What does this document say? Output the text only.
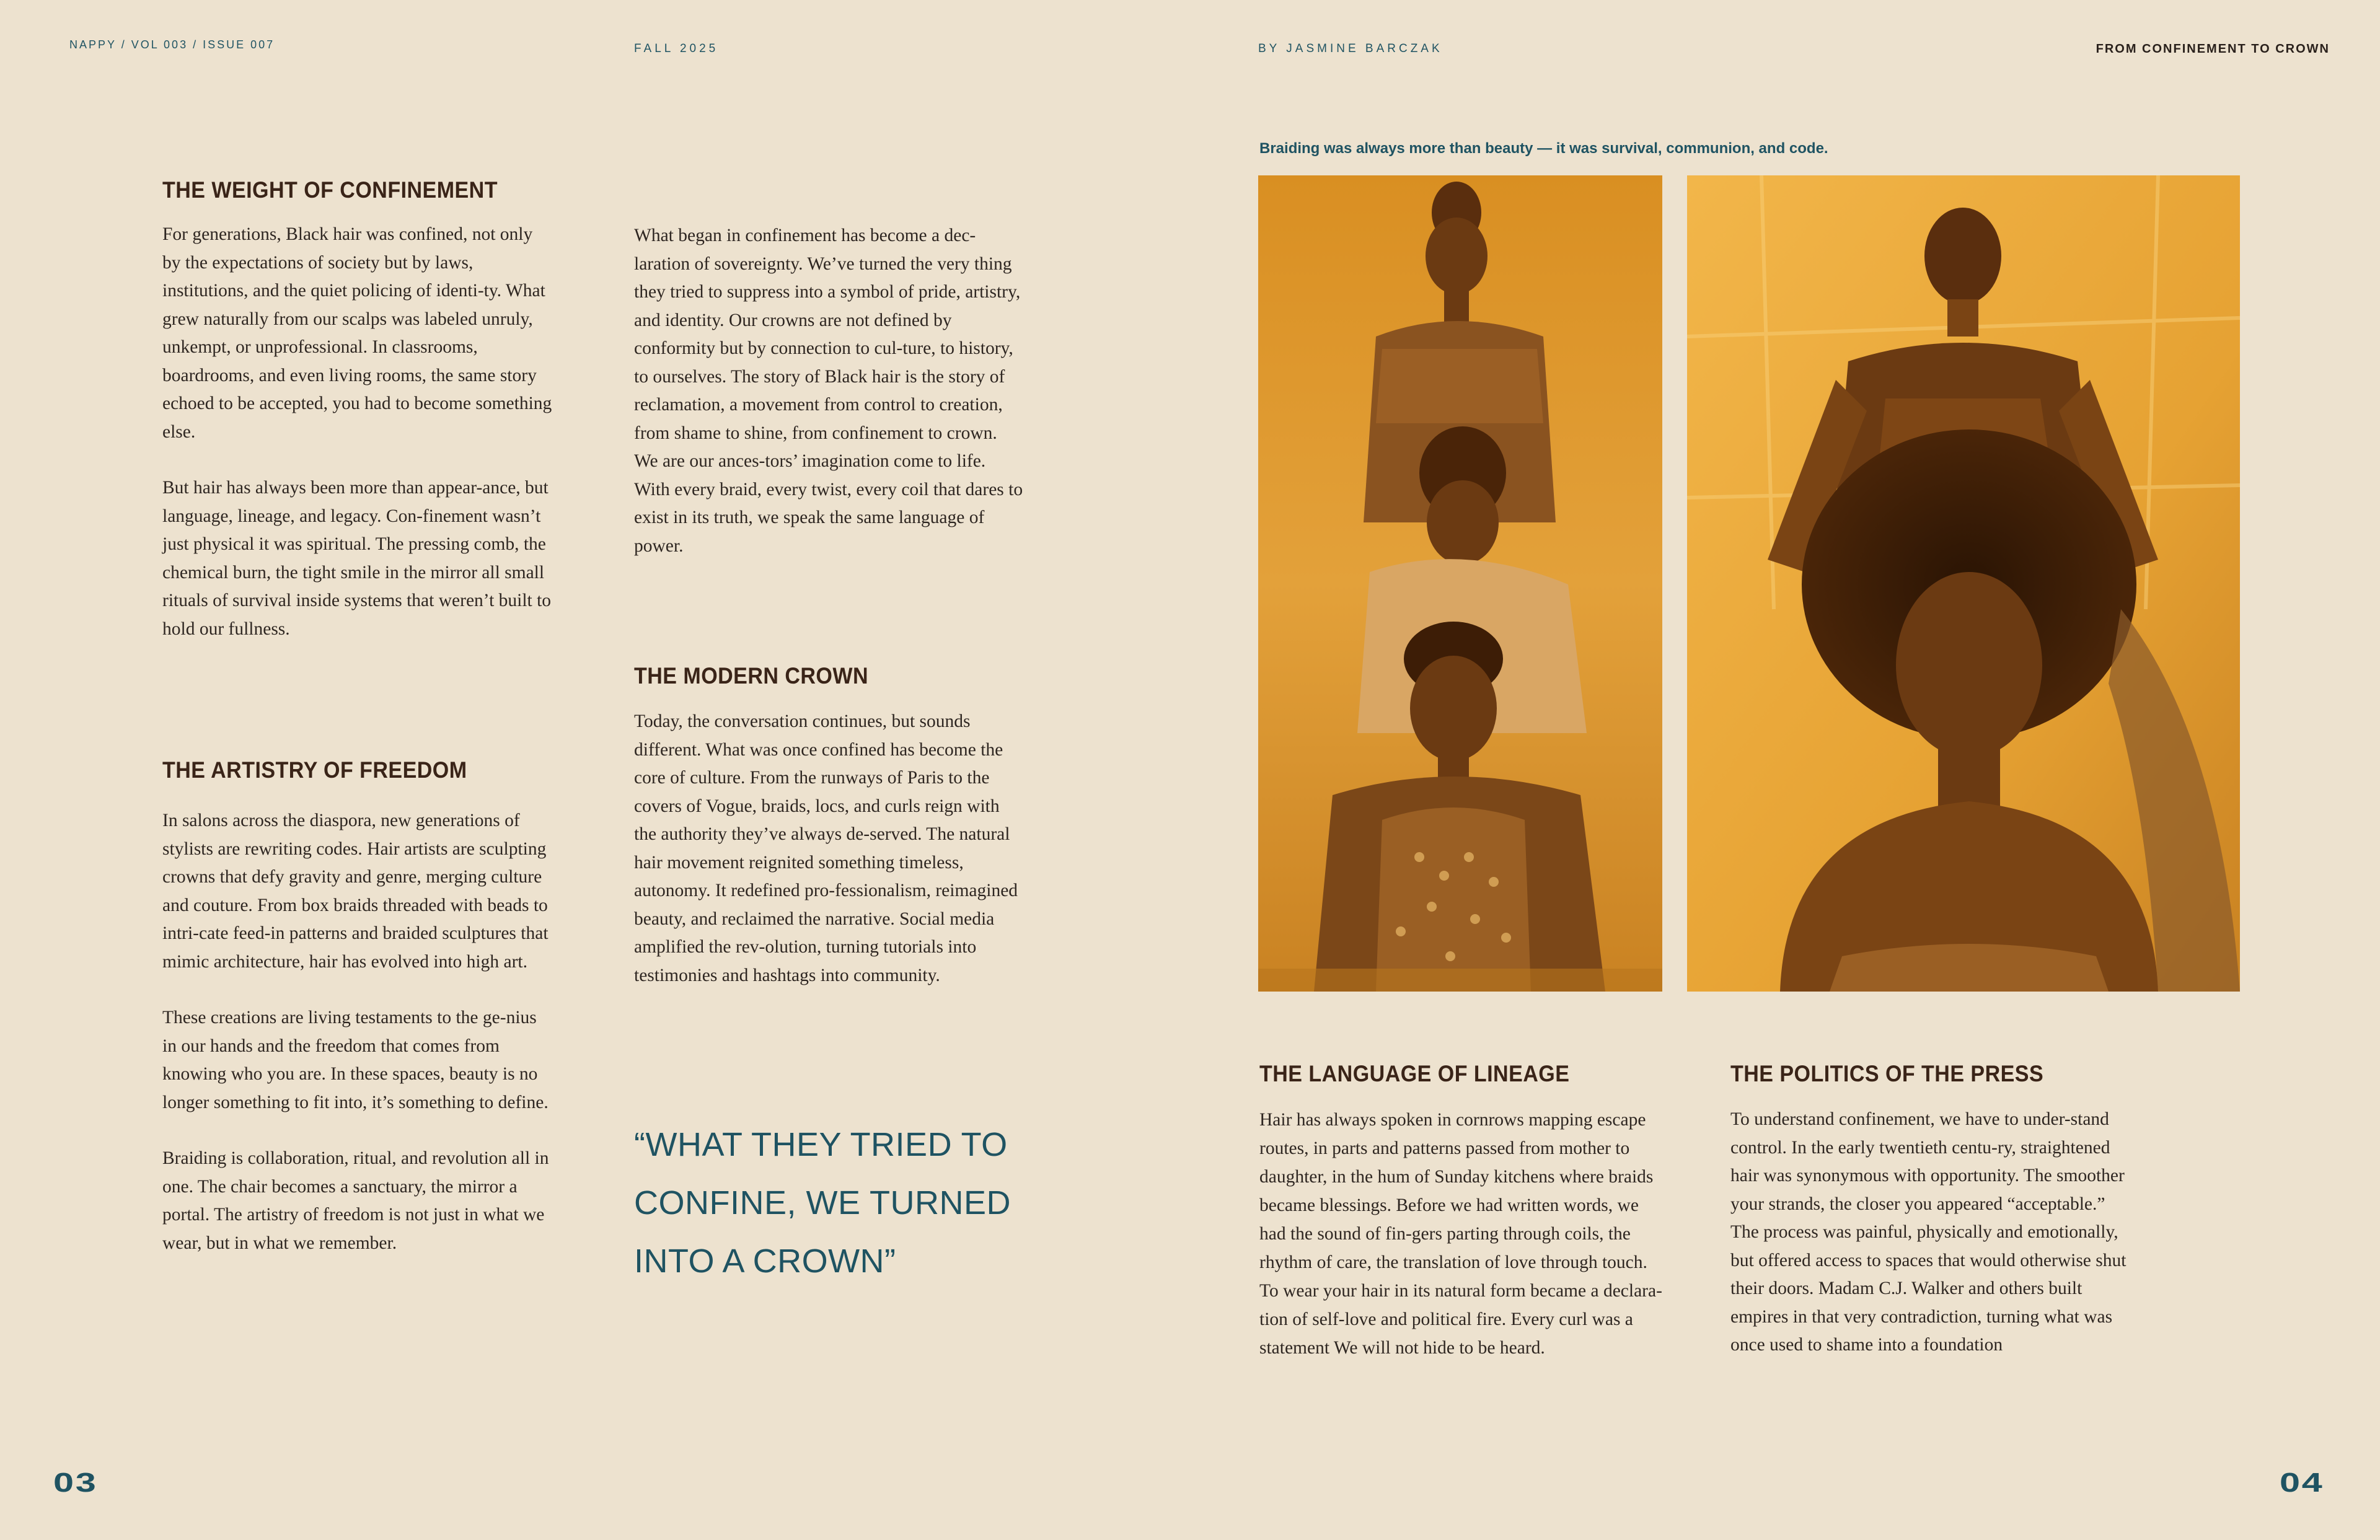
NAPPY / VOL 003 / ISSUE 007	FALL 2025	BY JASMINE BARCZAK	FROM CONFINEMENT TO CROWN
THE WEIGHT OF CONFINEMENT

For generations, Black hair was confined, not only by the expectations of society but by laws, institutions, and the quiet policing of identi-ty. What grew naturally from our scalps was labeled unruly, unkempt, or unprofessional. In classrooms, boardrooms, and even living rooms, the same story echoed to be accepted, you had to become something else.

But hair has always been more than appear-ance, but language, lineage, and legacy. Con-finement wasn’t just physical it was spiritual. The pressing comb, the chemical burn, the tight smile in the mirror all small rituals of survival inside systems that weren’t built to hold our fullness.

THE ARTISTRY OF FREEDOM

In salons across the diaspora, new generations of stylists are rewriting codes. Hair artists are sculpting crowns that defy gravity and genre, merging culture and couture. From box braids threaded with beads to intri-cate feed-in patterns and braided sculptures that mimic architecture, hair has evolved into high art.

These creations are living testaments to the ge-nius in our hands and the freedom that comes from knowing who you are. In these spaces, beauty is no longer something to fit into, it’s something to define.

Braiding is collaboration, ritual, and revolution all in one. The chair becomes a sanctuary, the mirror a portal. The artistry of freedom is not just in what we wear, but in what we remember.

What began in confinement has become a dec-laration of sovereignty. We’ve turned the very thing they tried to suppress into a symbol of pride, artistry, and identity. Our crowns are not defined by conformity but by connection to cul-ture, to history, to ourselves. The story of Black hair is the story of reclamation, a movement from control to creation, from shame to shine, from confinement to crown. We are our ances-tors’ imagination come to life. With every braid, every twist, every coil that dares to exist in its truth, we speak the same language of power.

THE MODERN CROWN

Today, the conversation continues, but sounds different. What was once confined has become the core of culture. From the runways of Paris to the covers of Vogue, braids, locs, and curls reign with the authority they’ve always de-served. The natural hair movement reignited something timeless, autonomy. It redefined pro-fessionalism, reimagined beauty, and reclaimed the narrative. Social media amplified the rev-olution, turning tutorials into testimonies and hashtags into community.

“WHAT THEY TRIED TO CONFINE, WE TURNED INTO A CROWN”
03
Braiding was always more than beauty — it was survival, communion, and code.
THE LANGUAGE OF LINEAGE

Hair has always spoken in cornrows mapping escape routes, in parts and patterns passed from mother to daughter, in the hum of Sunday kitchens where braids became blessings. Before we had written words, we had the sound of fin-gers parting through coils, the rhythm of care, the translation of love through touch. To wear your hair in its natural form became a declara-tion of self-love and political fire. Every curl was a statement We will not hide to be heard.

THE POLITICS OF THE PRESS

To understand confinement, we have to under-stand control. In the early twentieth centu-ry, straightened hair was synonymous with opportunity. The smoother your strands, the closer you appeared “acceptable.” The process was painful, physically and emotionally, but offered access to spaces that would otherwise shut their doors. Madam C.J. Walker and others built empires in that very contradiction, turning what was once used to shame into a foundation

04
